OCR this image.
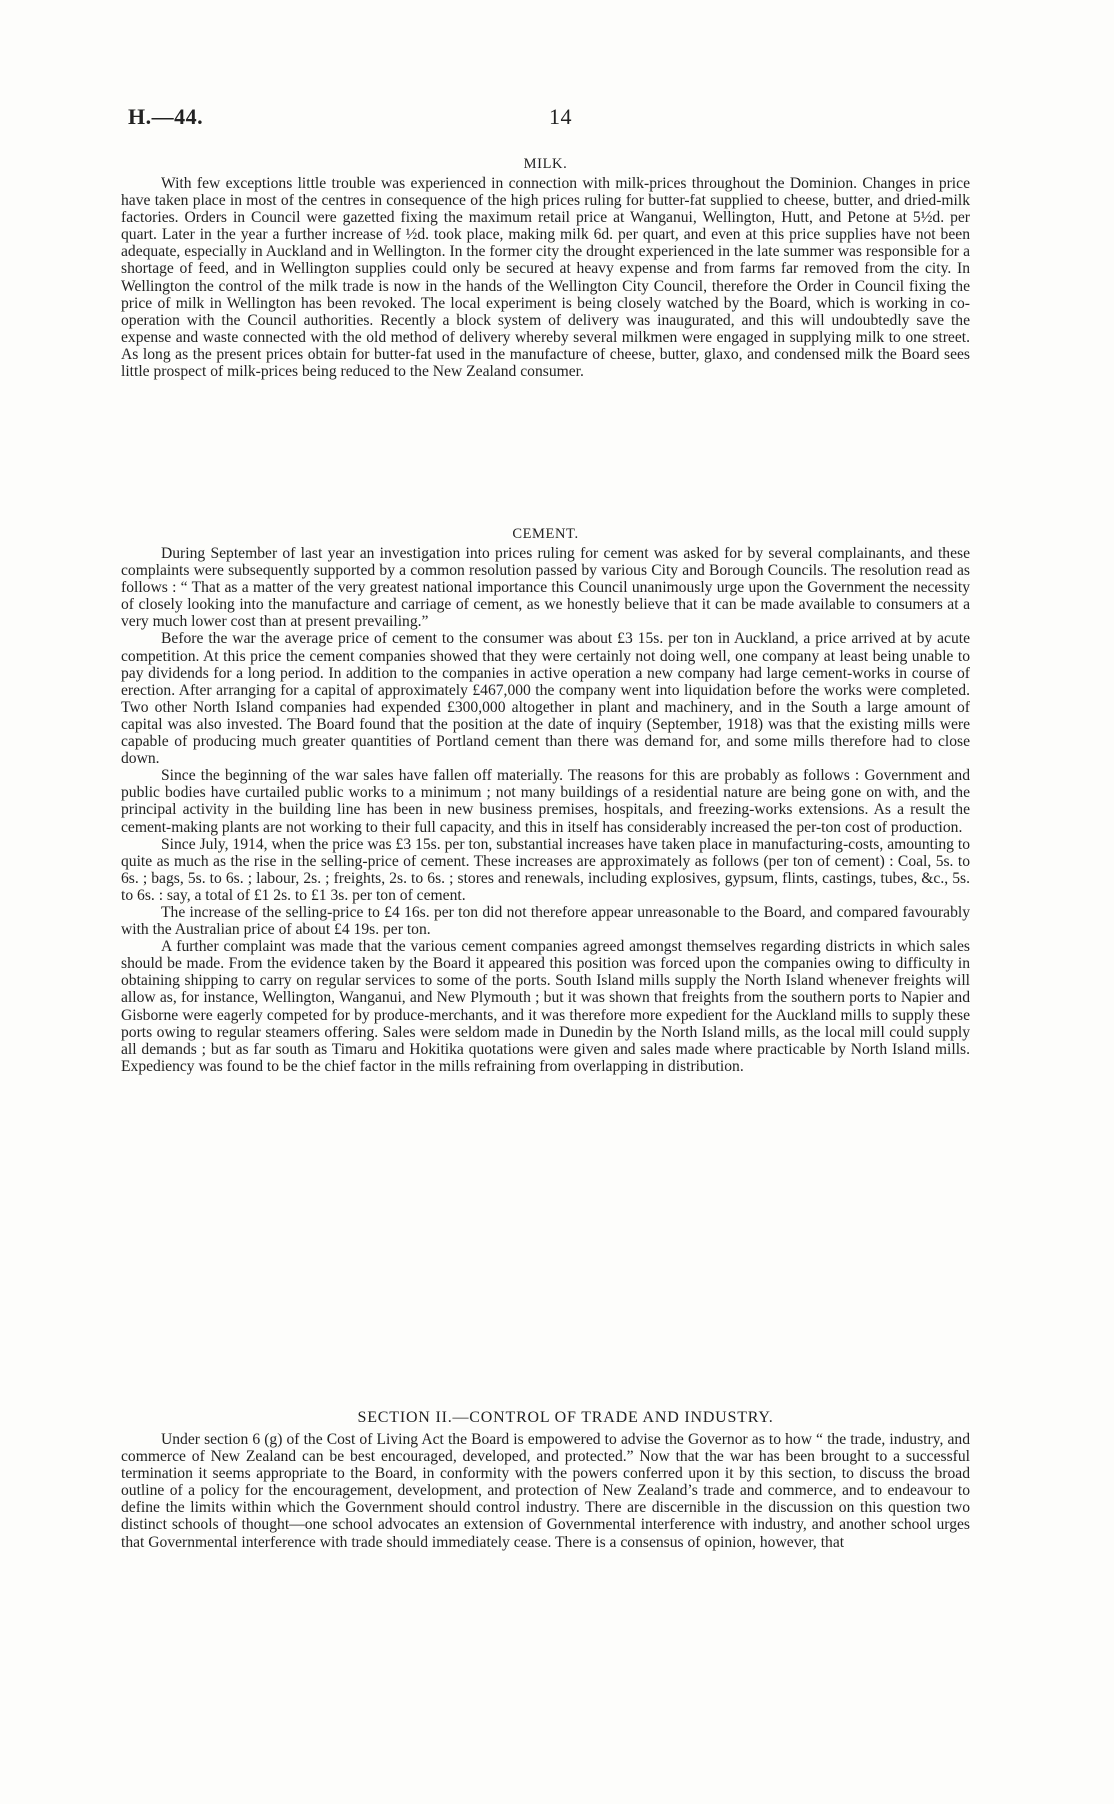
H.—44.	14
MILK.

With few exceptions little trouble was experienced in connection with milk-prices throughout the Dominion. Changes in price have taken place in most of the centres in consequence of the high prices ruling for butter-fat supplied to cheese, butter, and dried-milk factories. Orders in Council were gazetted fixing the maximum retail price at Wanganui, Wellington, Hutt, and Petone at 5½d. per quart. Later in the year a further increase of ½d. took place, making milk 6d. per quart, and even at this price supplies have not been adequate, especially in Auckland and in Wellington. In the former city the drought experienced in the late summer was responsible for a shortage of feed, and in Wellington supplies could only be secured at heavy expense and from farms far removed from the city. In Wellington the control of the milk trade is now in the hands of the Wellington City Council, therefore the Order in Council fixing the price of milk in Wellington has been revoked. The local experiment is being closely watched by the Board, which is working in co-operation with the Council authorities. Recently a block system of delivery was inaugurated, and this will undoubtedly save the expense and waste connected with the old method of delivery whereby several milkmen were engaged in supplying milk to one street. As long as the present prices obtain for butter-fat used in the manufacture of cheese, butter, glaxo, and condensed milk the Board sees little prospect of milk-prices being reduced to the New Zealand consumer.

CEMENT.

During September of last year an investigation into prices ruling for cement was asked for by several complainants, and these complaints were subsequently supported by a common resolution passed by various City and Borough Councils. The resolution read as follows : “ That as a matter of the very greatest national importance this Council unanimously urge upon the Government the necessity of closely looking into the manufacture and carriage of cement, as we honestly believe that it can be made available to consumers at a very much lower cost than at present prevailing.”

Before the war the average price of cement to the consumer was about £3 15s. per ton in Auckland, a price arrived at by acute competition. At this price the cement companies showed that they were certainly not doing well, one company at least being unable to pay dividends for a long period. In addition to the companies in active operation a new company had large cement-works in course of erection. After arranging for a capital of approximately £467,000 the company went into liquidation before the works were completed. Two other North Island companies had expended £300,000 altogether in plant and machinery, and in the South a large amount of capital was also invested. The Board found that the position at the date of inquiry (September, 1918) was that the existing mills were capable of producing much greater quantities of Portland cement than there was demand for, and some mills therefore had to close down.

Since the beginning of the war sales have fallen off materially. The reasons for this are probably as follows : Government and public bodies have curtailed public works to a minimum ; not many buildings of a residential nature are being gone on with, and the principal activity in the building line has been in new business premises, hospitals, and freezing-works extensions. As a result the cement-making plants are not working to their full capacity, and this in itself has considerably increased the per-ton cost of production.

Since July, 1914, when the price was £3 15s. per ton, substantial increases have taken place in manufacturing-costs, amounting to quite as much as the rise in the selling-price of cement. These increases are approximately as follows (per ton of cement) : Coal, 5s. to 6s. ; bags, 5s. to 6s. ; labour, 2s. ; freights, 2s. to 6s. ; stores and renewals, including explosives, gypsum, flints, castings, tubes, &c., 5s. to 6s. : say, a total of £1 2s. to £1 3s. per ton of cement.

The increase of the selling-price to £4 16s. per ton did not therefore appear unreasonable to the Board, and compared favourably with the Australian price of about £4 19s. per ton.

A further complaint was made that the various cement companies agreed amongst themselves regarding districts in which sales should be made. From the evidence taken by the Board it appeared this position was forced upon the companies owing to difficulty in obtaining shipping to carry on regular services to some of the ports. South Island mills supply the North Island whenever freights will allow as, for instance, Wellington, Wanganui, and New Plymouth ; but it was shown that freights from the southern ports to Napier and Gisborne were eagerly competed for by produce-merchants, and it was therefore more expedient for the Auckland mills to supply these ports owing to regular steamers offering. Sales were seldom made in Dunedin by the North Island mills, as the local mill could supply all demands ; but as far south as Timaru and Hokitika quotations were given and sales made where practicable by North Island mills. Expediency was found to be the chief factor in the mills refraining from overlapping in distribution.

SECTION II.—CONTROL OF TRADE AND INDUSTRY.

Under section 6 (g) of the Cost of Living Act the Board is empowered to advise the Governor as to how “ the trade, industry, and commerce of New Zealand can be best encouraged, developed, and protected.” Now that the war has been brought to a successful termination it seems appropriate to the Board, in conformity with the powers conferred upon it by this section, to discuss the broad outline of a policy for the encouragement, development, and protection of New Zealand’s trade and commerce, and to endeavour to define the limits within which the Government should control industry. There are discernible in the discussion on this question two distinct schools of thought—one school advocates an extension of Governmental interference with industry, and another school urges that Governmental interference with trade should immediately cease. There is a consensus of opinion, however, that
